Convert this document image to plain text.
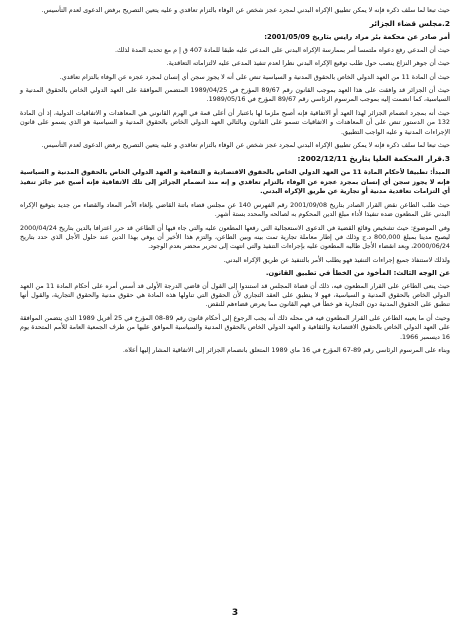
حيث تبعا لما سلف ذكره فإنه لا يمكن تطبيق الإكراه البدني لمجرد عجز شخص عن الوفاء بالتزام تعاقدي و عليه يتعين التصريح برفض الدعوى لعدم التأسيس.

2.مجلس قضاء الجزائر
أمر صادر عن محكمة بئر مراد رايس بتاريخ 2001/05/09:

حيث أن المدعي رفع دعواه ملتمسا أمر بممارسة الإكراه البدني على المدعى عليه طبقا للمادة 407 ق إ م مع تحديد المدة لذلك.

حيث أن جوهر النزاع ينصب حول طلب توقيع الإكراه البدني نظرا لعدم تنفيذ المدعى عليه لالتزاماته التعاقدية.

حيث أن المادة 11 من العهد الدولي الخاص بالحقوق المدنية و السياسية تنص على أنه لا يجوز سجن أي إنسان لمجرد عجزه عن الوفاء بالتزام تعاقدي.

حيث أن الجزائر قد وافقت على هذا العهد بموجب القانون رقم 89/67 المؤرخ في 1989/04/25 المتضمن الموافقة على العهد الدولي الخاص بالحقوق المدنية و السياسية، كما انضمت إليه بموجب المرسوم الرئاسي رقم 89/67 المؤرخ في 1989/05/16.

حيث أنه بمجرد انضمام الجزائر لهذا العهد أو الاتفاقية فإنه أصبح ملزما لها باعتبار أن أعلى قمة في الهرم القانوني هي المعاهدات و الاتفاقيات الدولية، إذ أن المادة 132 من الدستور تنص على أن المعاهدات و الاتفاقيات تسمو على القانون وبالتالي العهد الدولي الخاص بالحقوق المدنية و السياسية هو الذي يسمو على قانون الإجراءات المدنية و عليه الواجب التطبيق.

حيث تبعا لما سلف ذكره فإنه لا يمكن تطبيق الإكراه البدني لمجرد عجز شخص عن الوفاء بالتزام تعاقدي و عليه يتعين التصريح برفض الدعوى لعدم التأسيس.

3.قرار المحكمة العليا بتاريخ 2002/12/11:

المبدأ: تطبيقا لأحكام المادة 11 من العهد الدولي الخاص بالحقوق الاقتصادية و الثقافية و العهد الدولي الخاص بالحقوق المدنية و السياسية فإنه لا يجوز سجن أي إنسان بمجرد عجزه عن الوفاء بالتزام تعاقدي و إنه منذ انضمام الجزائر إلى تلك الاتفاقية فإنه أصبح غير جائز تنفيذ أي التزامات تعاقدية مدنية أو تجارية عن طريق الإكراه البدني.

حيث طلب الطاعن نقض القرار الصادر بتاريخ 2001/09/08 رقم الفهرس 140 عن مجلس قضاء باتنة القاضي بإلغاء الأمر المعاد والقضاء من جديد بتوقيع الإكراه البدني على المطعون ضده تنفيذا لأداء مبلغ الدين المحكوم به لصالحه والمحدد بستة أشهر.

وفي الموضوع: حيث تشخيص وقائع القضية في الدعوى الاستعجالية التي رفعها المطعون عليه والتي جاء فيها أن الطاعن قد حرر اعترافا بالدين بتاريخ 2000/04/24 ليصبح مدينا بمبلغ 800,000 د.ج وذلك في إطار معاملة تجارية تمت بينه وبين الطاعن، والتزم هذا الأخير أن يوفي بهذا الدين عند حلول الأجل الذي حدد بتاريخ 2000/06/24، وبعد انقضاء الأجل طالبه المطعون عليه بإجراءات التنفيذ والتي انتهت إلى تحرير محضر بعدم الوجود.

ولذلك لاستنفاذ جميع إجراءات التنفيذ فهو يطلب الأمر بالتنفيذ عن طريق الإكراه البدني.

عن الوجه الثالث: المأخوذ من الخطأ في تطبيق القانون.

حيث ينعى الطاعن على القرار المطعون فيه، ذلك أن قضاة المجلس قد استندوا إلى القول أن قاضي الدرجة الأولى قد أسس أمره على أحكام المادة 11 من العهد الدولي الخاص بالحقوق المدنية و السياسية، فهو لا ينطبق على العقد التجاري لأن الحقوق التي تناولها هذه المادة هي حقوق مدنية والحقوق التجارية، والقول أنها تنطبق على الحقوق المدنية دون التجارية هو خطأ في فهم القانون مما يعرض قضاءهم للنقض.

وحيث أن ما يعيبه الطاعن على القرار المطعون فيه في محله ذلك أنه يجب الرجوع إلى أحكام قانون رقم 89-08 المؤرخ في 25 أفريل 1989 الذي يتضمن الموافقة على العهد الدولي الخاص بالحقوق الاقتصادية والثقافية و العهد الدولي الخاص بالحقوق المدنية والسياسية الموافق عليها من طرف الجمعية العامة للأمم المتحدة يوم 16 ديسمبر 1966.

وبناء على المرسوم الرئاسي رقم 89-67 المؤرخ في 16 ماي 1989 المتعلق بانضمام الجزائر إلى الاتفاقية المشار إليها أعلاه.

3
